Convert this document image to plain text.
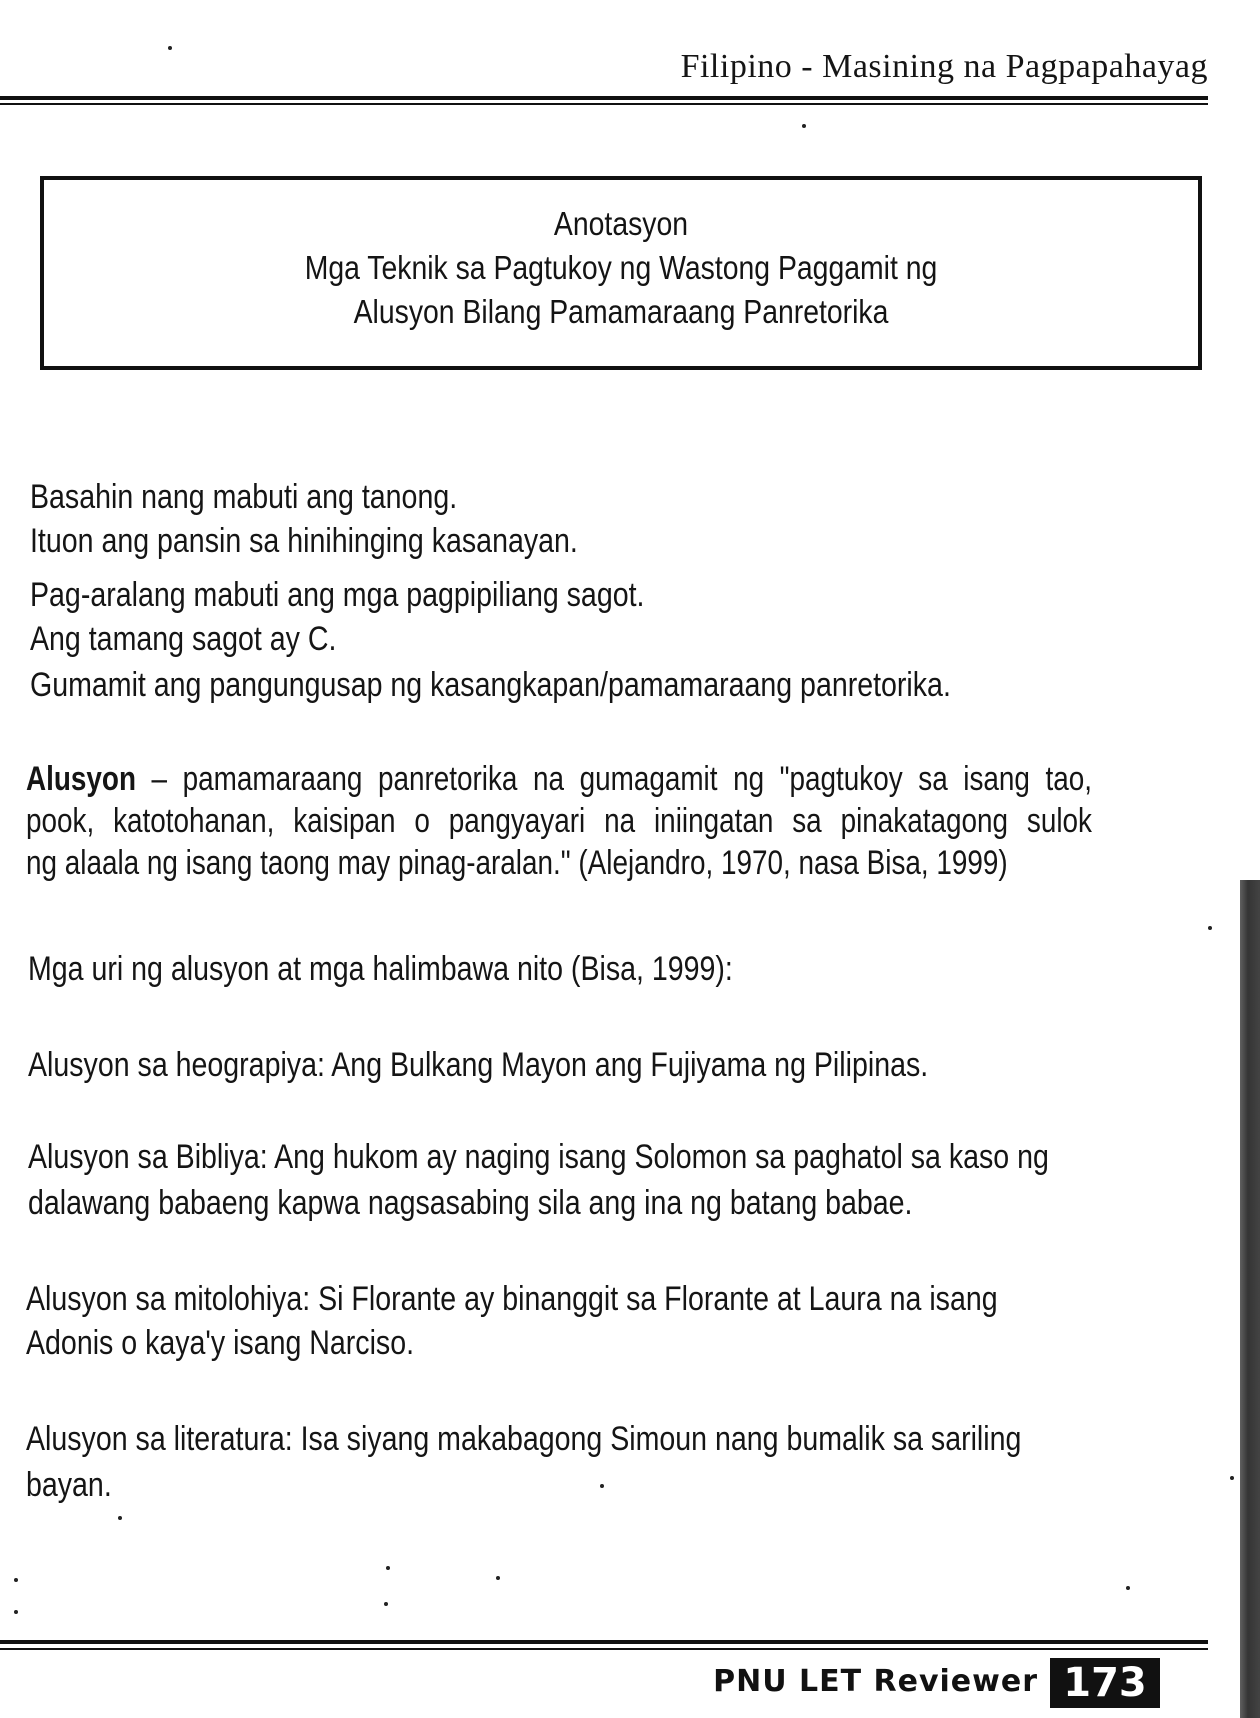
Filipino - Masining na Pagpapahayag
Anotasyon
Mga Teknik sa Pagtukoy ng Wastong Paggamit ng
Alusyon Bilang Pamamaraang Panretorika
Basahin nang mabuti ang tanong.
Ituon ang pansin sa hinihinging kasanayan.
Pag-aralang mabuti ang mga pagpipiliang sagot.
Ang tamang sagot ay C.
Gumamit ang pangungusap ng kasangkapan/pamamaraang panretorika.
Alusyon – pamamaraang panretorika na gumagamit ng "pagtukoy sa isang tao,
pook, katotohanan, kaisipan o pangyayari na iniingatan sa pinakatagong sulok
ng alaala ng isang taong may pinag-aralan." (Alejandro, 1970, nasa Bisa, 1999)
Mga uri ng alusyon at mga halimbawa nito (Bisa, 1999):
Alusyon sa heograpiya: Ang Bulkang Mayon ang Fujiyama ng Pilipinas.
Alusyon sa Bibliya: Ang hukom ay naging isang Solomon sa paghatol sa kaso ng
dalawang babaeng kapwa nagsasabing sila ang ina ng batang babae.
Alusyon sa mitolohiya: Si Florante ay binanggit sa Florante at Laura na isang
Adonis o kaya'y isang Narciso.
Alusyon sa literatura: Isa siyang makabagong Simoun nang bumalik sa sariling
bayan.
PNU LET Reviewer 173
